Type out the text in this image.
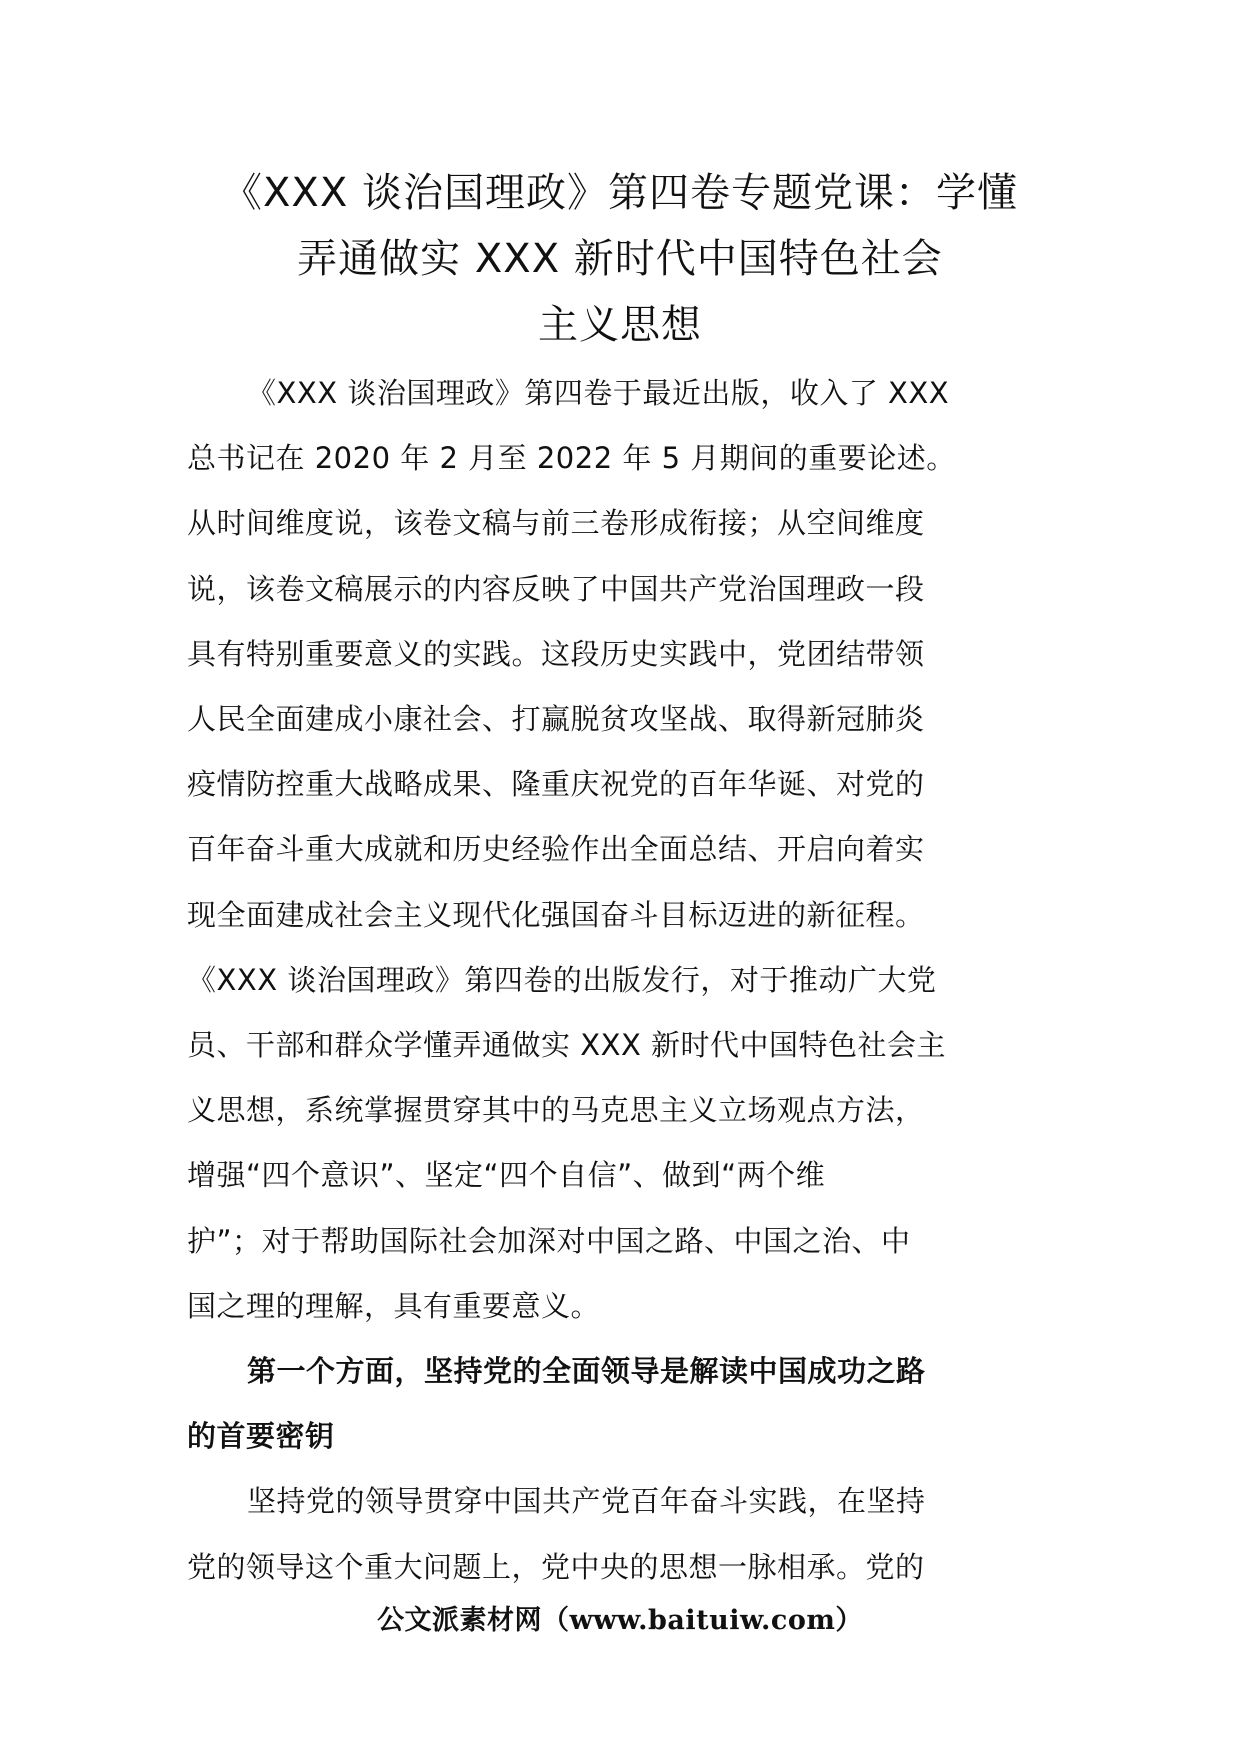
《XXX 谈治国理政》第四卷专题党课：学懂
弄通做实 XXX 新时代中国特色社会
主义思想

《XXX 谈治国理政》第四卷于最近出版，收入了 XXX
总书记在 2020 年 2 月至 2022 年 5 月期间的重要论述。
从时间维度说，该卷文稿与前三卷形成衔接；从空间维度
说，该卷文稿展示的内容反映了中国共产党治国理政一段
具有特别重要意义的实践。这段历史实践中，党团结带领
人民全面建成小康社会、打赢脱贫攻坚战、取得新冠肺炎
疫情防控重大战略成果、隆重庆祝党的百年华诞、对党的
百年奋斗重大成就和历史经验作出全面总结、开启向着实
现全面建成社会主义现代化强国奋斗目标迈进的新征程。
《XXX 谈治国理政》第四卷的出版发行，对于推动广大党
员、干部和群众学懂弄通做实 XXX 新时代中国特色社会主
义思想，系统掌握贯穿其中的马克思主义立场观点方法，
增强“四个意识”、坚定“四个自信”、做到“两个维
护”；对于帮助国际社会加深对中国之路、中国之治、中
国之理的理解，具有重要意义。

第一个方面，坚持党的全面领导是解读中国成功之路
的首要密钥

坚持党的领导贯穿中国共产党百年奋斗实践，在坚持
党的领导这个重大问题上，党中央的思想一脉相承。党的

公文派素材网（www.baituiw.com）
